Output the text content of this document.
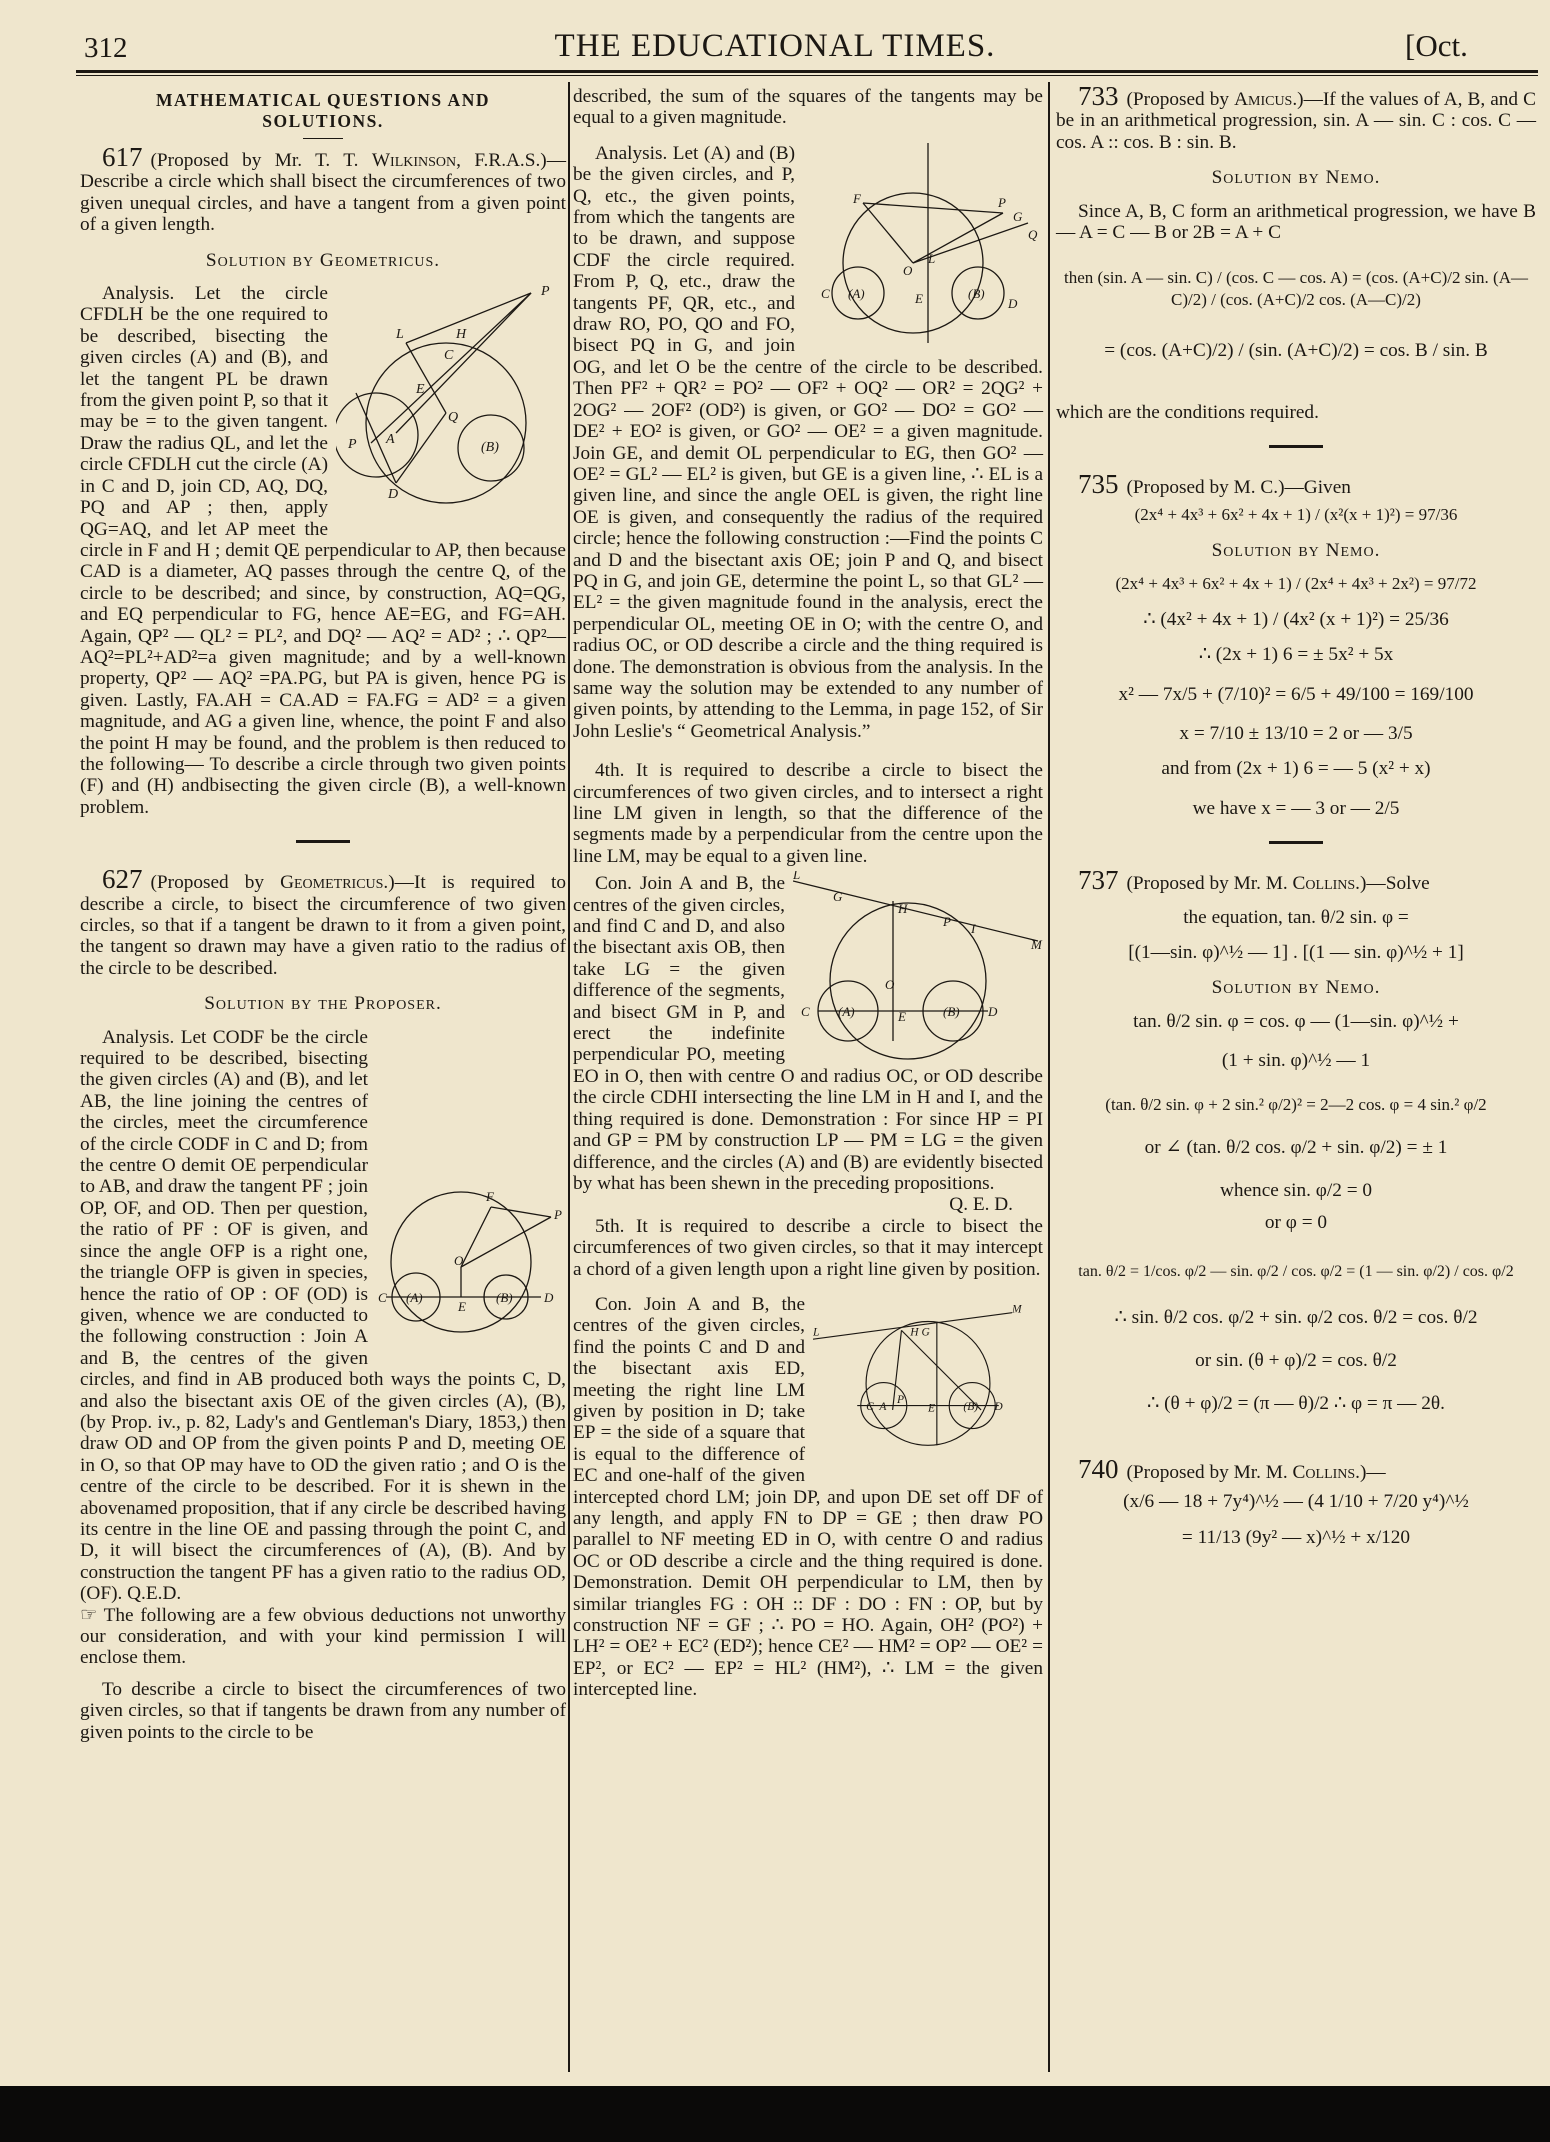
312	THE EDUCATIONAL TIMES.	[Oct.
MATHEMATICAL QUESTIONS AND SOLUTIONS.

617 (Proposed by Mr. T. T. Wilkinson, F.R.A.S.)—Describe a circle which shall bisect the circumferences of two given unequal circles, and have a tangent from a given point of a given length.

Solution by Geometricus.
P
L	H
C
E
Q
A
P	(B)
D

Analysis. Let the circle CFDLH be the one required to be described, bisecting the given circles (A) and (B), and let the tangent PL be drawn from the given point P, so that it may be = to the given tangent. Draw the radius QL, and let the circle CFDLH cut the circle (A) in C and D, join CD, AQ, DQ, PQ and AP ; then, apply QG=AQ, and let AP meet the circle in F and H ; demit QE perpendicular to AP, then because CAD is a diameter, AQ passes through the centre Q, of the circle to be described; and since, by construction, AQ=QG, and EQ perpendicular to FG, hence AE=EG, and FG=AH. Again, QP² — QL² = PL², and DQ² — AQ² = AD² ; ∴ QP²—AQ²=PL²+AD²=a given magnitude; and by a well-known property, QP² — AQ² =PA.PG, but PA is given, hence PG is given. Lastly, FA.AH = CA.AD = FA.FG = AD² = a given magnitude, and AG a given line, whence, the point F and also the point H may be found, and the problem is then reduced to the following— To describe a circle through two given points (F) and (H) andbisecting the given circle (B), a well-known problem.

627 (Proposed by Geometricus.)—It is required to describe a circle, to bisect the circumference of two given circles, so that if a tangent be drawn to it from a given point, the tangent so drawn may have a given ratio to the radius of the circle to be described.

Solution by the Proposer.
F
P
O
C (A)
E
(B) D

Analysis. Let CODF be the circle required to be described, bisecting the given circles (A) and (B), and let AB, the line joining the centres of the circles, meet the circumference of the circle CODF in C and D; from the centre O demit OE perpendicular to AB, and draw the tangent PF ; join OP, OF, and OD. Then per question, the ratio of PF : OF is given, and since the angle OFP is a right one, the triangle OFP is given in species, hence the ratio of OP : OF (OD) is given, whence we are conducted to the following construction : Join A and B, the centres of the given circles, and find in AB produced both ways the points C, D, and also the bisectant axis OE of the given circles (A), (B), (by Prop. iv., p. 82, Lady's and Gentleman's Diary, 1853,) then draw OD and OP from the given points P and D, meeting OE in O, so that OP may have to OD the given ratio ; and O is the centre of the circle to be described. For it is shewn in the abovenamed proposition, that if any circle be described having its centre in the line OE and passing through the point C, and D, it will bisect the circumferences of (A), (B). And by construction the tangent PF has a given ratio to the radius OD, (OF). Q.E.D.

☞ The following are a few obvious deductions not unworthy our consideration, and with your kind permission I will enclose them.

To describe a circle to bisect the circumferences of two given circles, so that if tangents be drawn from any number of given points to the circle to be

described, the sum of the squares of the tangents may be equal to a given magnitude.

P
Q
G
F
C (A)
O
E	(B)
D
L

Analysis. Let (A) and (B) be the given circles, and P, Q, etc., the given points, from which the tangents are to be drawn, and suppose CDF the circle required. From P, Q, etc., draw the tangents PF, QR, etc., and draw RO, PO, QO and FO, bisect PQ in G, and join OG, and let O be the centre of the circle to be described. Then PF² + QR² = PO² — OF² + OQ² — OR² = 2QG² + 2OG² — 2OF² (OD²) is given, or GO² — DO² = GO² — DE² + EO² is given, or GO² — OE² = a given magnitude. Join GE, and demit OL perpendicular to EG, then GO² — OE² = GL² — EL² is given, but GE is a given line, ∴ EL is a given line, and since the angle OEL is given, the right line OE is given, and consequently the radius of the required circle; hence the following construction :—Find the points C and D and the bisectant axis OE; join P and Q, and bisect PQ in G, and join GE, determine the point L, so that GL² — EL² = the given magnitude found in the analysis, erect the perpendicular OL, meeting OE in O; with the centre O, and radius OC, or OD describe a circle and the thing required is done. The demonstration is obvious from the analysis. In the same way the solution may be extended to any number of given points, by attending to the Lemma, in page 152, of Sir John Leslie's “ Geometrical Analysis.”

4th. It is required to describe a circle to bisect the circumferences of two given circles, and to intersect a right line LM given in length, so that the difference of the segments made by a perpendicular from the centre upon the line LM, may be equal to a given line.

L
G
H
P I
M
O
C (A)	E	(B) D

Con. Join A and B, the centres of the given circles, and find C and D, and also the bisectant axis OB, then take LG = the given difference of the segments, and bisect GM in P, and erect the indefinite perpendicular PO, meeting EO in O, then with centre O and radius OC, or OD describe the circle CDHI intersecting the line LM in H and I, and the thing required is done. Demonstration : For since HP = PI and GP = PM by construction LP — PM = LG = the given difference, and the circles (A) and (B) are evidently bisected by what has been shewn in the preceding propositions.
Q. E. D.

5th. It is required to describe a circle to bisect the circumferences of two given circles, so that it may intercept a chord of a given length upon a right line given by position.

L
M
H G
C A	E (B) D
P

Con. Join A and B, the centres of the given circles, find the points C and D and the bisectant axis ED, meeting the right line LM given by position in D; take EP = the side of a square that is equal to the difference of EC and one-half of the given intercepted chord LM; join DP, and upon DE set off DF of any length, and apply FN to DP = GE ; then draw PO parallel to NF meeting ED in O, with centre O and radius OC or OD describe a circle and the thing required is done. Demonstration. Demit OH perpendicular to LM, then by similar triangles FG : OH :: DF : DO : FN : OP, but by construction NF = GF ; ∴ PO = HO. Again, OH² (PO²) + LH² = OE² + EC² (ED²); hence CE² — HM² = OP² — OE² = EP², or EC² — EP² = HL² (HM²), ∴ LM = the given intercepted line.

733 (Proposed by Amicus.)—If the values of A, B, and C be in an arithmetical progression, sin. A — sin. C : cos. C — cos. A :: cos. B : sin. B.

Solution by Nemo.

Since A, B, C form an arithmetical progression, we have B — A = C — B or 2B = A + C

then (sin. A — sin. C) / (cos. C — cos. A) = (cos. (A+C)/2 sin. (A—C)/2) / (cos. (A+C)/2 cos. (A—C)/2)
= (cos. (A+C)/2) / (sin. (A+C)/2) = cos. B / sin. B

which are the conditions required.

735 (Proposed by M. C.)—Given

(2x⁴ + 4x³ + 6x² + 4x + 1) / (x²(x + 1)²) = 97/36
Solution by Nemo.
(2x⁴ + 4x³ + 6x² + 4x + 1) / (2x⁴ + 4x³ + 2x²) = 97/72
∴ (4x² + 4x + 1) / (4x² (x + 1)²) = 25/36
∴ (2x + 1) 6 = ± 5x² + 5x
x² — 7x/5 + (7/10)² = 6/5 + 49/100 = 169/100
x = 7/10 ± 13/10 = 2 or — 3/5
and from (2x + 1) 6 = — 5 (x² + x)
we have x = — 3 or — 2/5

737 (Proposed by Mr. M. Collins.)—Solve

the equation, tan. θ/2 sin. φ =
[(1—sin. φ)^½ — 1] . [(1 — sin. φ)^½ + 1]
Solution by Nemo.
tan. θ/2 sin. φ = cos. φ — (1—sin. φ)^½ +
(1 + sin. φ)^½ — 1
(tan. θ/2 sin. φ + 2 sin.² φ/2)² = 2—2 cos. φ = 4 sin.² φ/2
or ∠ (tan. θ/2 cos. φ/2 + sin. φ/2) = ± 1
whence sin. φ/2 = 0
or φ = 0
tan. θ/2 = 1/cos. φ/2 — sin. φ/2 / cos. φ/2 = (1 — sin. φ/2) / cos. φ/2
∴ sin. θ/2 cos. φ/2 + sin. φ/2 cos. θ/2 = cos. θ/2
or sin. (θ + φ)/2 = cos. θ/2
∴ (θ + φ)/2 = (π — θ)/2 ∴ φ = π — 2θ.

740 (Proposed by Mr. M. Collins.)—

(x/6 — 18 + 7y⁴)^½ — (4 1/10 + 7/20 y⁴)^½
= 11/13 (9y² — x)^½ + x/120
